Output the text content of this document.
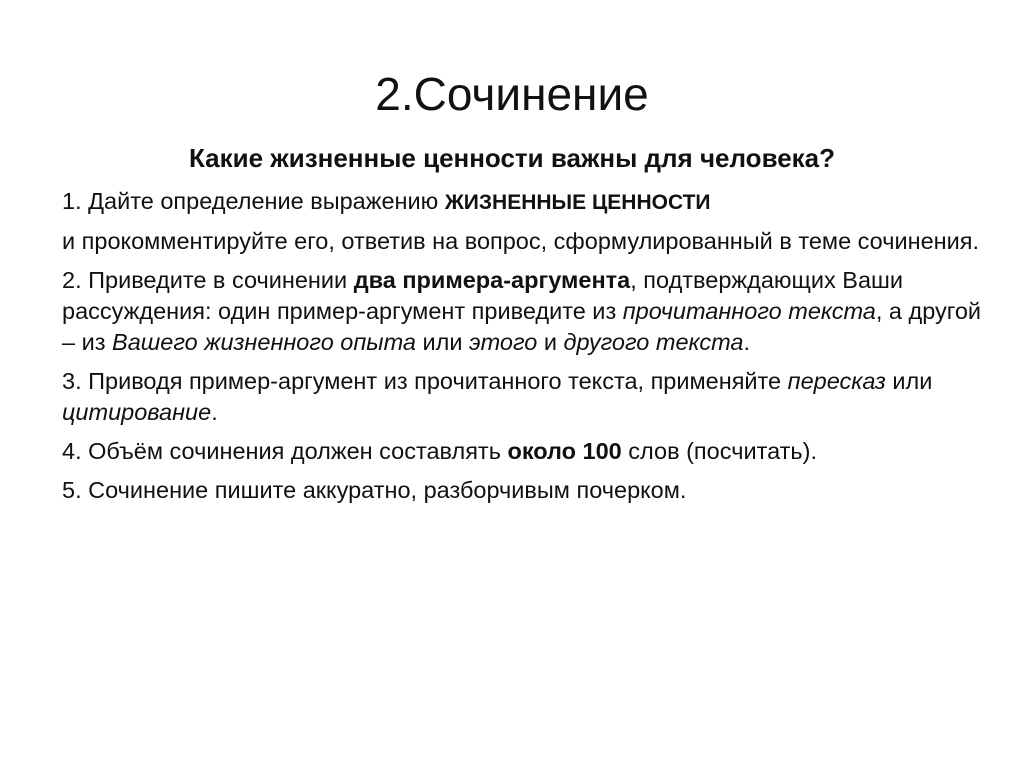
2.Сочинение
Какие жизненные ценности важны для человека?

1. Дайте определение выражению ЖИЗНЕННЫЕ ЦЕННОСТИ

и прокомментируйте его, ответив на вопрос, сформулированный в теме сочинения.

2. Приведите в сочинении два примера-аргумента, подтверждающих Ваши рассуждения: один пример-аргумент приведите из прочитанного текста, а другой – из Вашего жизненного опыта или этого и другого текста.

3. Приводя пример-аргумент из прочитанного текста, применяйте пересказ или цитирование.

4. Объём сочинения должен составлять около 100 слов (посчитать).

5. Сочинение пишите аккуратно, разборчивым почерком.
